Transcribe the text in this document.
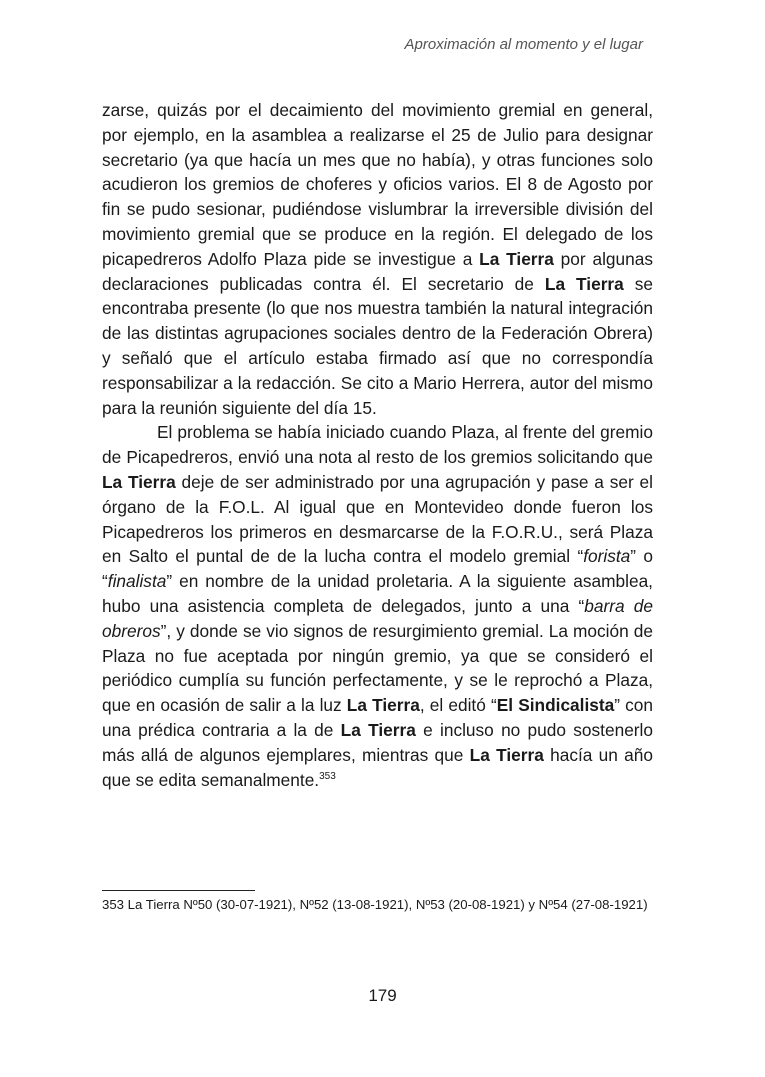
Aproximación al momento y el lugar

zarse, quizás por el decaimiento del movimiento gremial en general, por ejemplo, en la asamblea a realizarse el 25 de Julio para designar secretario (ya que hacía un mes que no había), y otras funciones solo acudieron los gremios de choferes y oficios varios. El 8 de Agosto por fin se pudo sesionar, pudiéndose vislumbrar la irreversible división del movimiento gremial que se produce en la región. El delegado de los picapedreros Adolfo Plaza pide se investigue a La Tierra por algunas declaraciones publicadas contra él. El secretario de La Tierra se encontraba presente (lo que nos muestra también la natural integración de las distintas agrupaciones sociales dentro de la Federación Obrera) y señaló que el artículo estaba firmado así que no correspondía responsabilizar a la redacción. Se cito a Mario Herrera, autor del mismo para la reunión siguiente del día 15.

El problema se había iniciado cuando Plaza, al frente del gremio de Picapedreros, envió una nota al resto de los gremios solicitando que La Tierra deje de ser administrado por una agrupación y pase a ser el órgano de la F.O.L. Al igual que en Montevideo donde fueron los Picapedreros los primeros en desmarcarse de la F.O.R.U., será Plaza en Salto el puntal de de la lucha contra el modelo gremial “forista” o “finalista” en nombre de la unidad proletaria. A la siguiente asamblea, hubo una asistencia completa de delegados, junto a una “barra de obreros”, y donde se vio signos de resurgimiento gremial. La moción de Plaza no fue aceptada por ningún gremio, ya que se consideró el periódico cumplía su función perfectamente, y se le reprochó a Plaza, que en ocasión de salir a la luz La Tierra, el editó “El Sindicalista” con una prédica contraria a la de La Tierra e incluso no pudo sostenerlo más allá de algunos ejemplares, mientras que La Tierra hacía un año que se edita semanalmente.$^{353}$

353 La Tierra Nº50 (30-07-1921), Nº52 (13-08-1921), Nº53 (20-08-1921) y Nº54 (27-08-1921)
179
